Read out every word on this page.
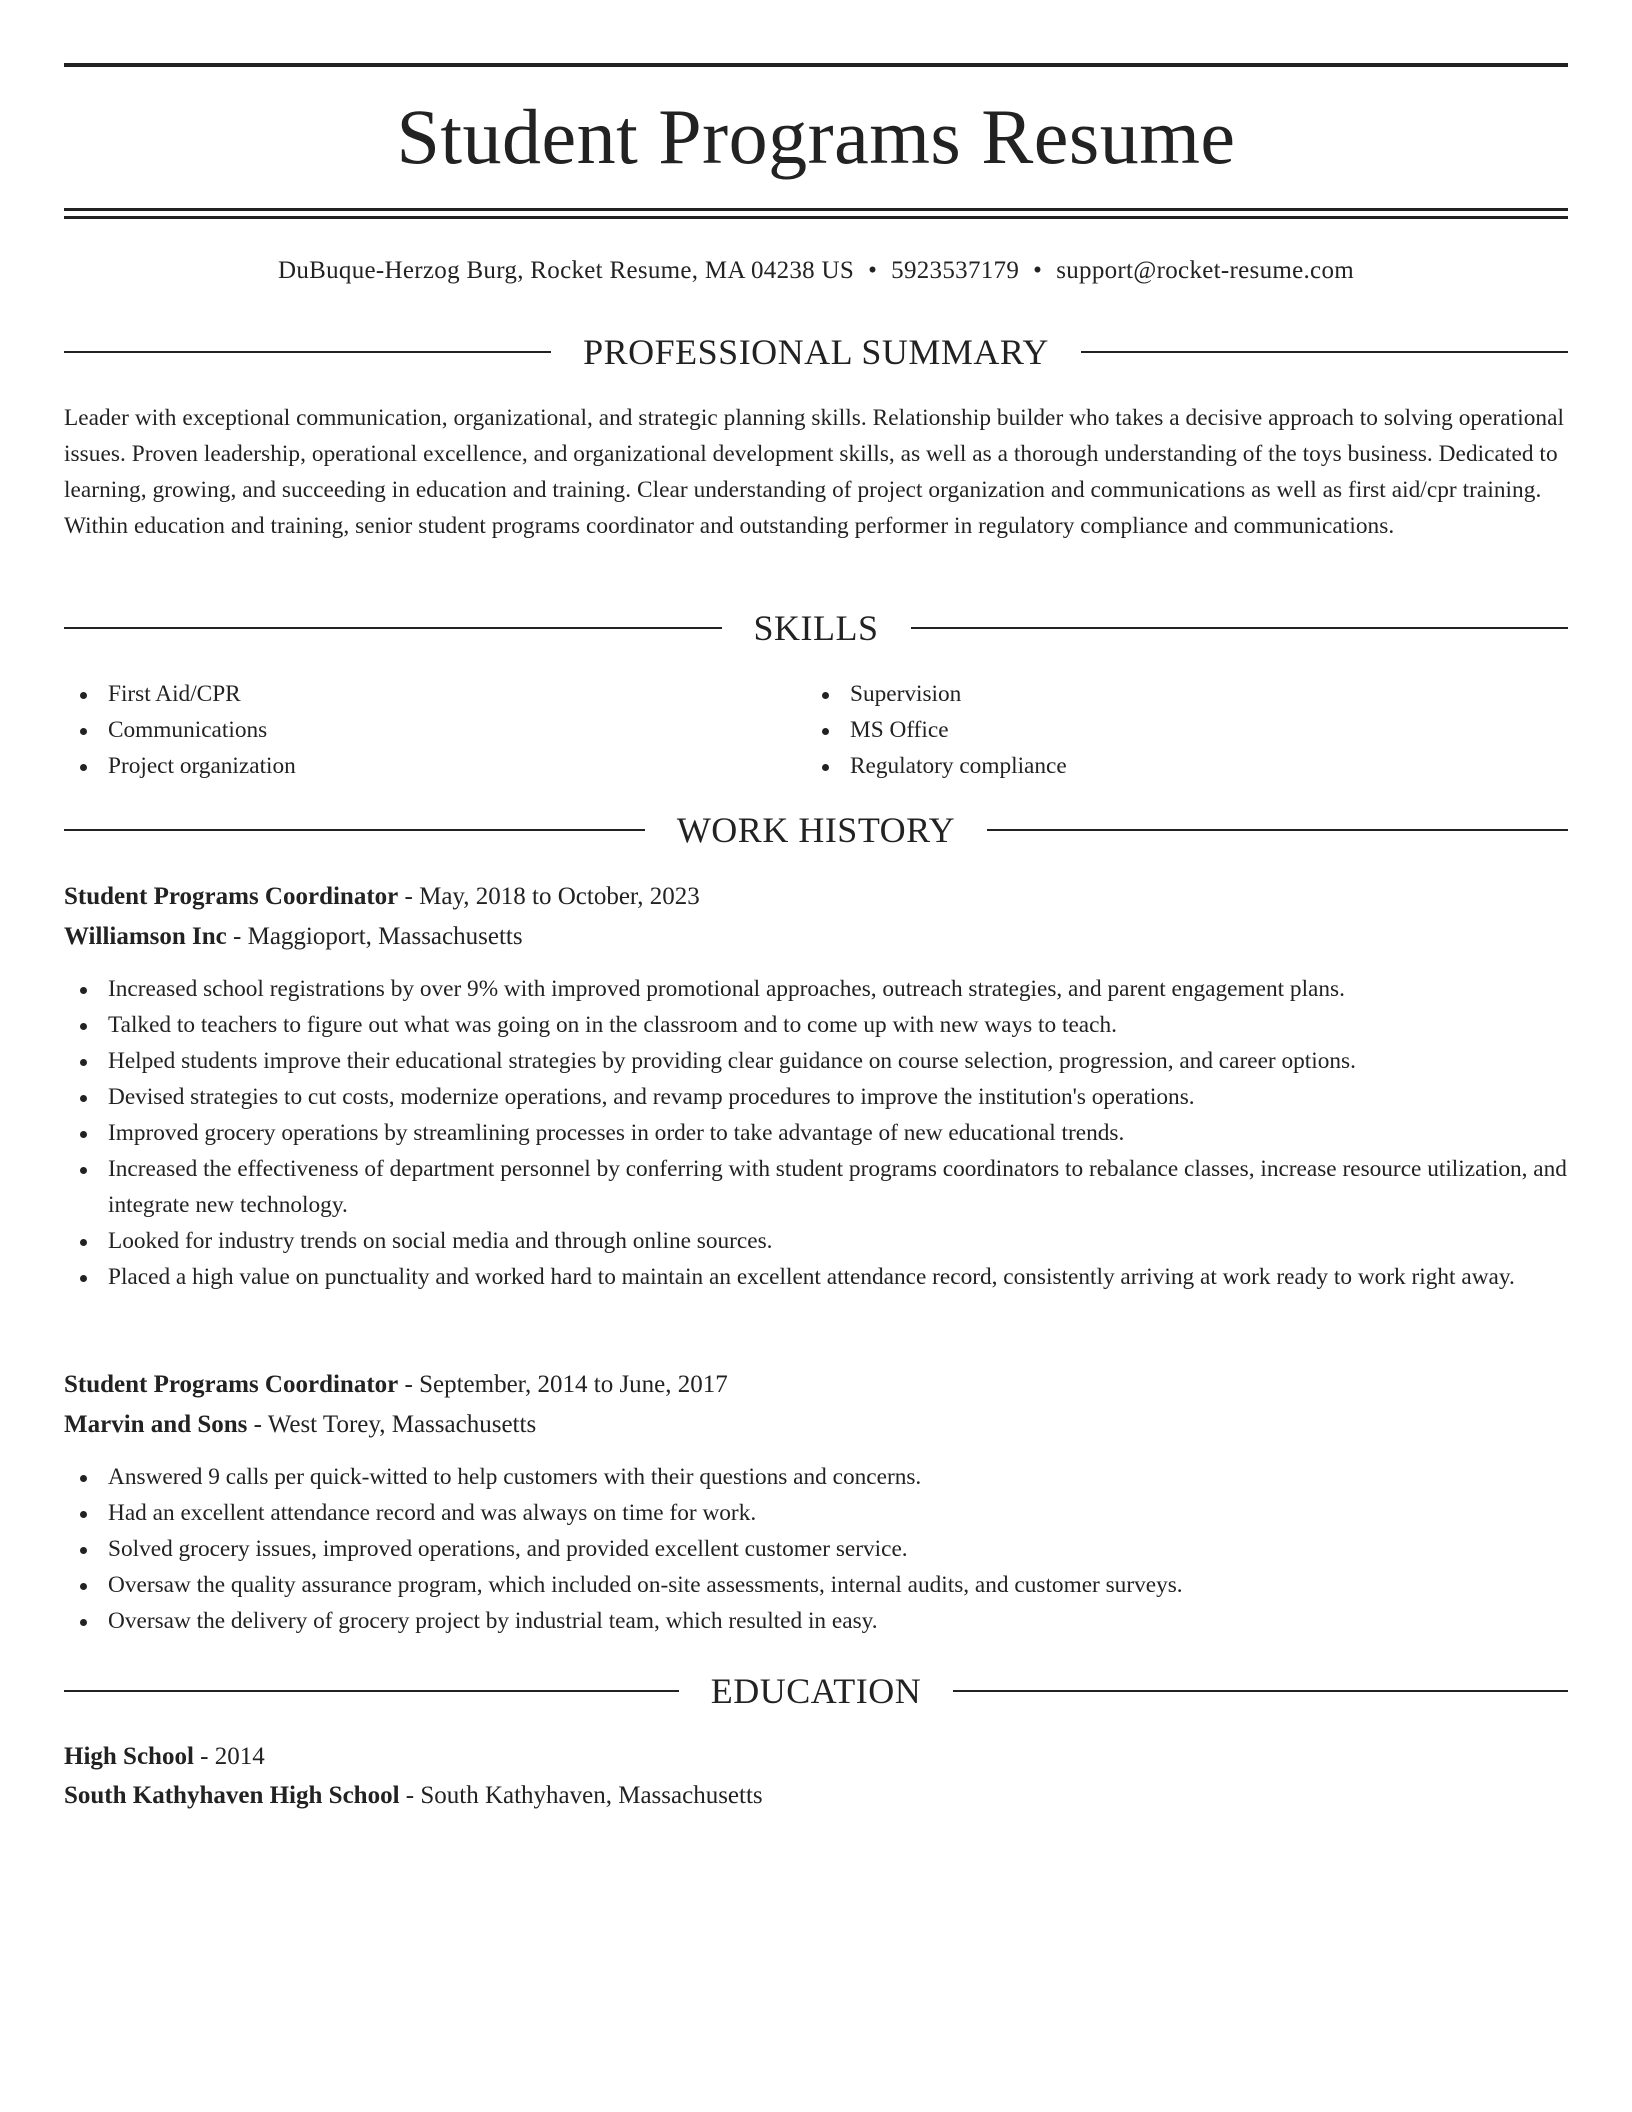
Student Programs Resume
DuBuque-Herzog Burg, Rocket Resume, MA 04238 US • 5923537179 • support@rocket-resume.com
PROFESSIONAL SUMMARY
Leader with exceptional communication, organizational, and strategic planning skills. Relationship builder who takes a decisive approach to solving operational issues. Proven leadership, operational excellence, and organizational development skills, as well as a thorough understanding of the toys business. Dedicated to learning, growing, and succeeding in education and training. Clear understanding of project organization and communications as well as first aid/cpr training. Within education and training, senior student programs coordinator and outstanding performer in regulatory compliance and communications.
SKILLS
First Aid/CPR
Communications
Project organization
Supervision
MS Office
Regulatory compliance
WORK HISTORY
Student Programs Coordinator - May, 2018 to October, 2023
Williamson Inc - Maggioport, Massachusetts
Increased school registrations by over 9% with improved promotional approaches, outreach strategies, and parent engagement plans.
Talked to teachers to figure out what was going on in the classroom and to come up with new ways to teach.
Helped students improve their educational strategies by providing clear guidance on course selection, progression, and career options.
Devised strategies to cut costs, modernize operations, and revamp procedures to improve the institution's operations.
Improved grocery operations by streamlining processes in order to take advantage of new educational trends.
Increased the effectiveness of department personnel by conferring with student programs coordinators to rebalance classes, increase resource utilization, and integrate new technology.
Looked for industry trends on social media and through online sources.
Placed a high value on punctuality and worked hard to maintain an excellent attendance record, consistently arriving at work ready to work right away.
Student Programs Coordinator - September, 2014 to June, 2017
Marvin and Sons - West Torey, Massachusetts
Answered 9 calls per quick-witted to help customers with their questions and concerns.
Had an excellent attendance record and was always on time for work.
Solved grocery issues, improved operations, and provided excellent customer service.
Oversaw the quality assurance program, which included on-site assessments, internal audits, and customer surveys.
Oversaw the delivery of grocery project by industrial team, which resulted in easy.
EDUCATION
High School - 2014
South Kathyhaven High School - South Kathyhaven, Massachusetts
